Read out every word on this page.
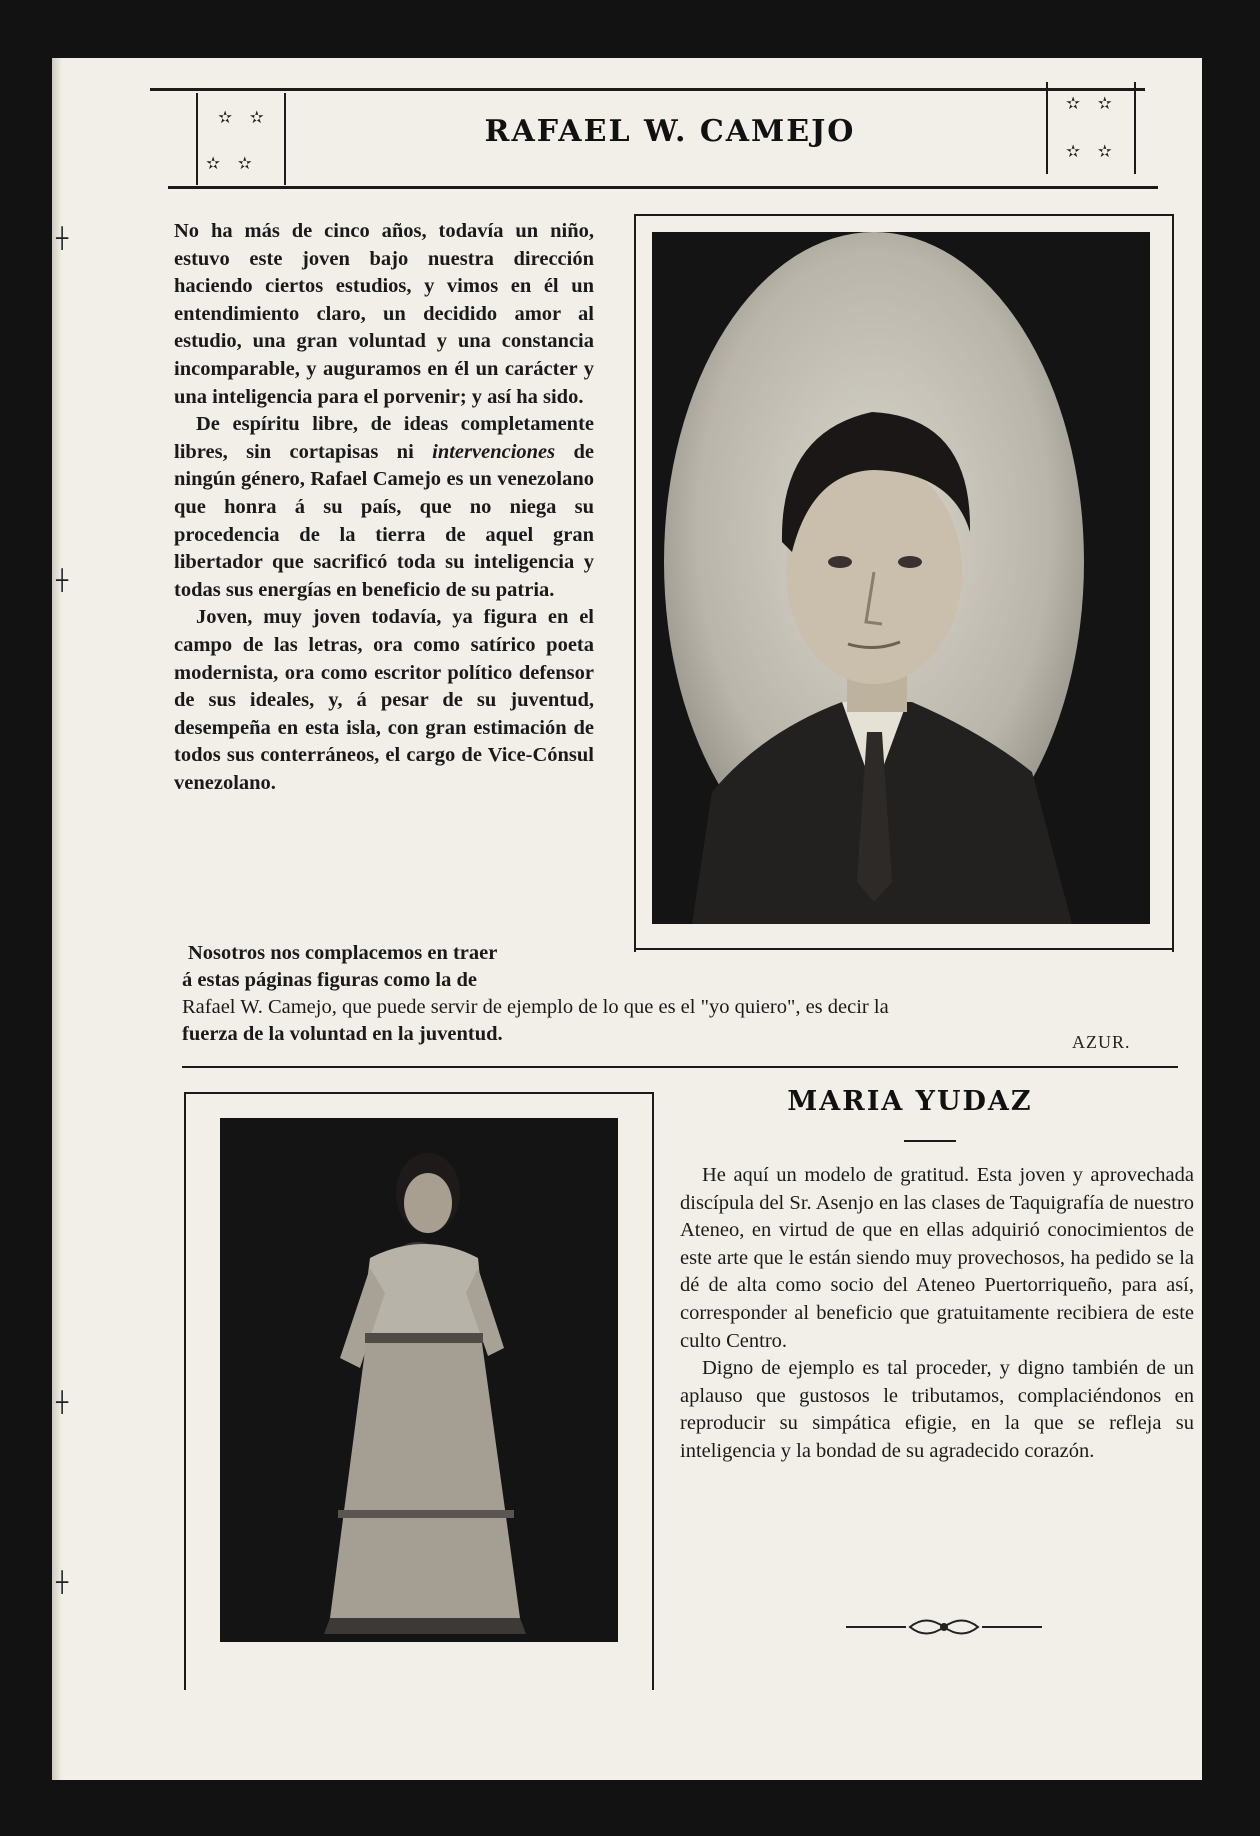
┼
┼
┼
┼
✫ ✫
✫ ✫
✫ ✫
✫ ✫
RAFAEL W. CAMEJO

No ha más de cinco años, todavía un niño, estuvo este joven bajo nuestra dirección haciendo ciertos estudios, y vimos en él un entendimiento claro, un decidido amor al estudio, una gran voluntad y una constancia incomparable, y auguramos en él un carácter y una inteligencia para el porvenir; y así ha sido.

De espíritu libre, de ideas completamente libres, sin cortapisas ni intervenciones de ningún género, Rafael Camejo es un venezolano que honra á su país, que no niega su procedencia de la tierra de aquel gran libertador que sacrificó toda su inteligencia y todas sus energías en beneficio de su patria.

Joven, muy joven todavía, ya figura en el campo de las letras, ora como satírico poeta modernista, ora como escritor político defensor de sus ideales, y, á pesar de su juventud, desempeña en esta isla, con gran estimación de todos sus conterráneos, el cargo de Vice-Cónsul venezolano.

Nosotros nos complacemos en traer
á estas páginas figuras como la de
Rafael W. Camejo, que puede servir de ejemplo de lo que es el "yo quiero", es decir la
fuerza de la voluntad en la juventud.	AZUR.
MARIA YUDAZ

He aquí un modelo de gratitud. Esta joven y aprovechada discípula del Sr. Asenjo en las clases de Taquigrafía de nuestro Ateneo, en virtud de que en ellas adquirió conocimientos de este arte que le están siendo muy provechosos, ha pedido se la dé de alta como socio del Ateneo Puertorriqueño, para así, corresponder al beneficio que gratuitamente recibiera de este culto Centro.

Digno de ejemplo es tal proceder, y digno también de un aplauso que gustosos le tributamos, complaciéndonos en reproducir su simpática efigie, en la que se refleja su inteligencia y la bondad de su agradecido corazón.
